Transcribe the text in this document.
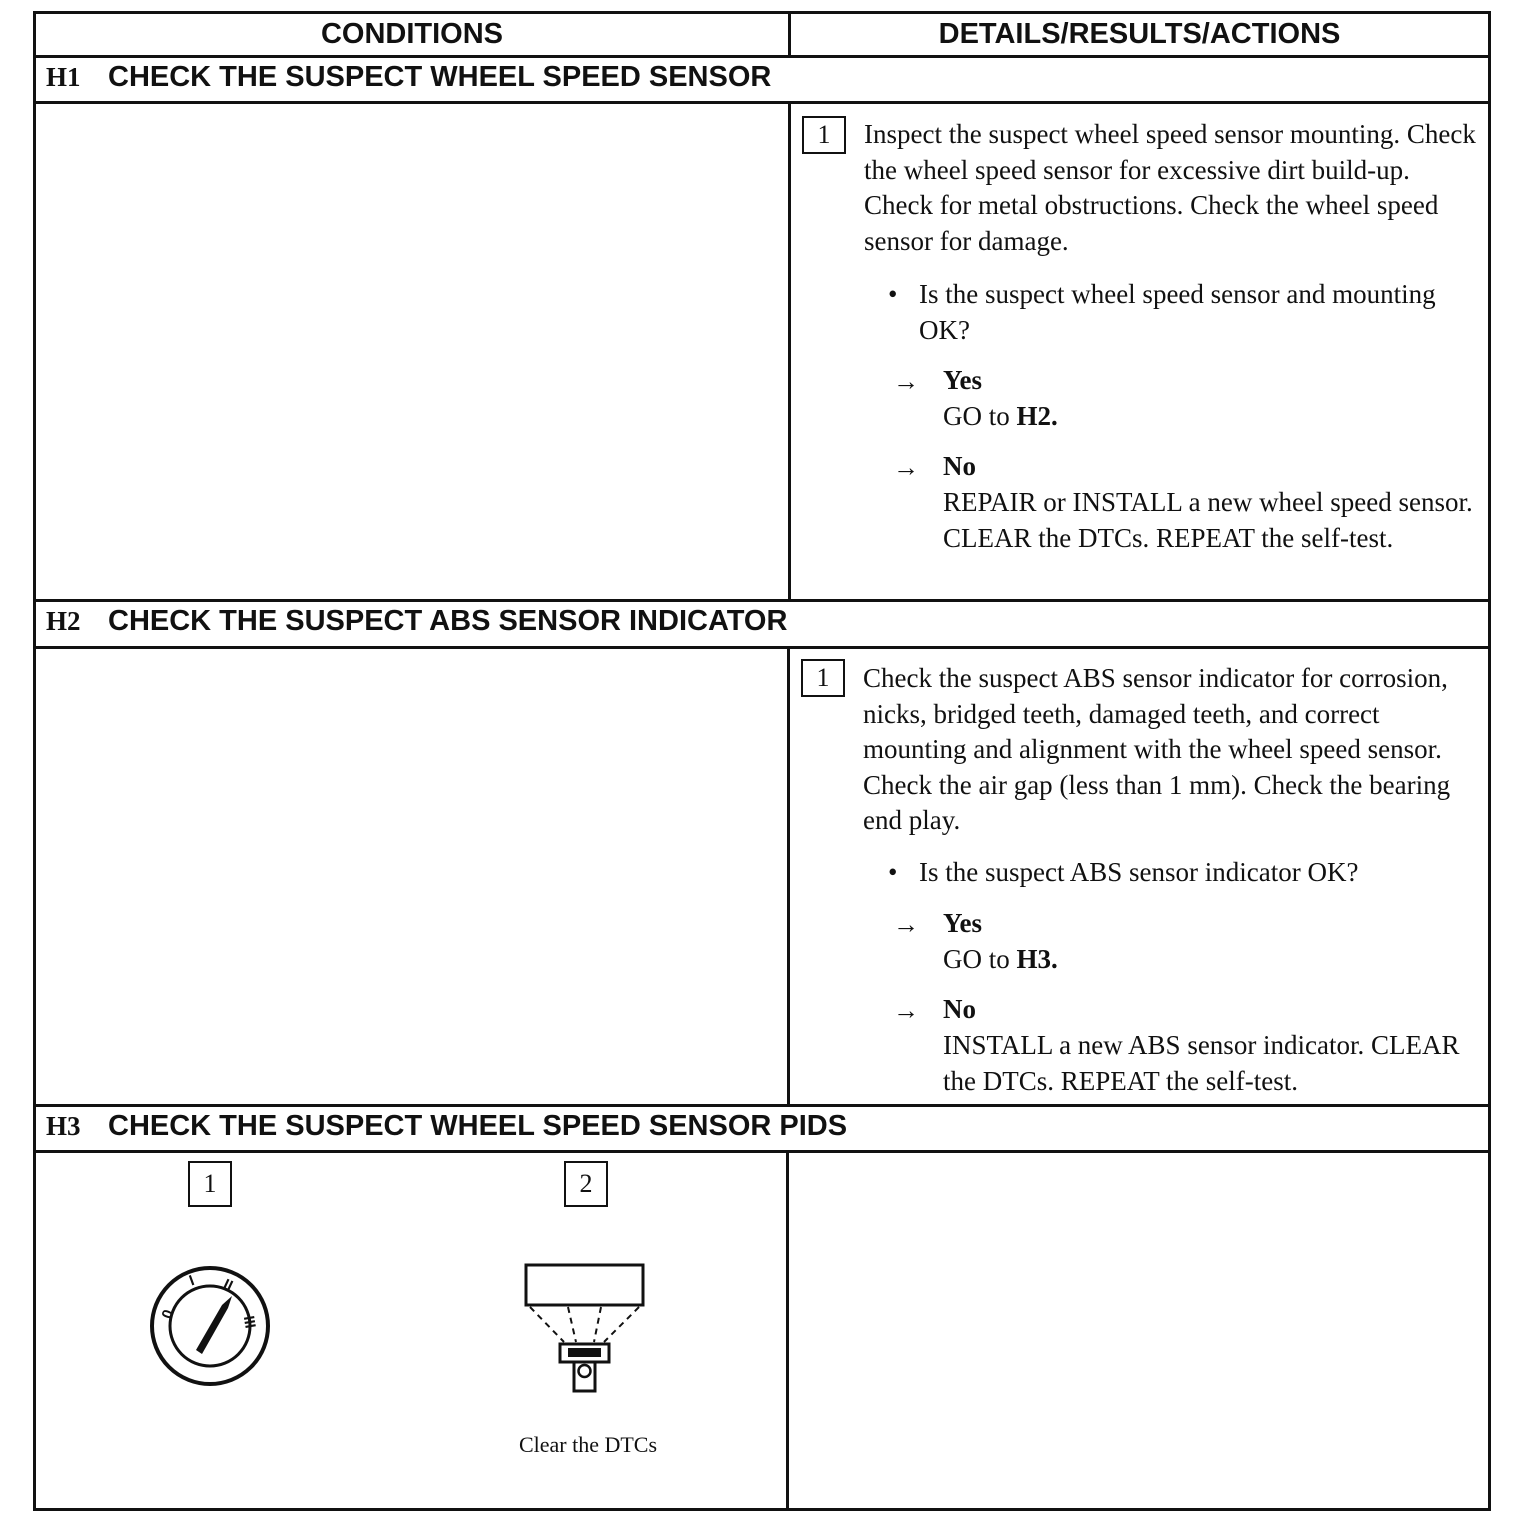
CONDITIONS	DETAILS/RESULTS/ACTIONS
H1 CHECK THE SUSPECT WHEEL SPEED SENSOR
1	Inspect the suspect wheel speed sensor mounting. Check the wheel speed sensor for excessive dirt build-up. Check for metal obstructions. Check the wheel speed sensor for damage.
• Is the suspect wheel speed sensor and mounting OK?
→ Yes
GO to H2.
→ No
REPAIR or INSTALL a new wheel speed sensor. CLEAR the DTCs. REPEAT the self-test.
H2 CHECK THE SUSPECT ABS SENSOR INDICATOR
1	Check the suspect ABS sensor indicator for corrosion, nicks, bridged teeth, damaged teeth, and correct mounting and alignment with the wheel speed sensor. Check the air gap (less than 1 mm). Check the bearing end play.
• Is the suspect ABS sensor indicator OK?
→ Yes
GO to H3.
→ No
INSTALL a new ABS sensor indicator. CLEAR the DTCs. REPEAT the self-test.
H3 CHECK THE SUSPECT WHEEL SPEED SENSOR PIDS
1	2
0
I II
III
Clear the DTCs
